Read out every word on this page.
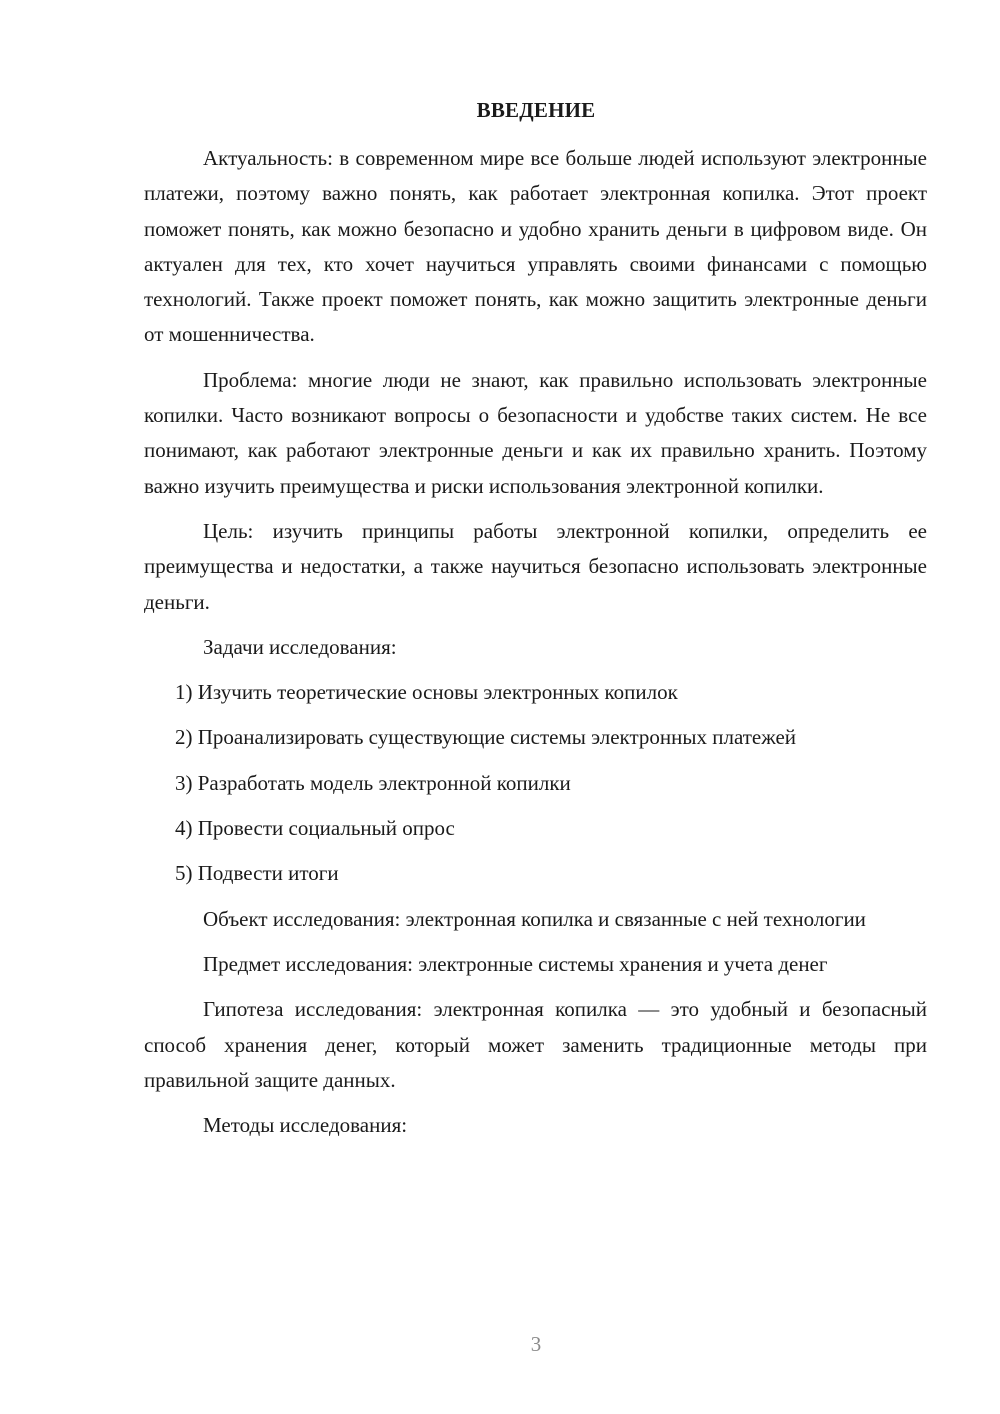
ВВЕДЕНИЕ

Актуальность: в современном мире все больше людей используют электронные платежи, поэтому важно понять, как работает электронная копилка. Этот проект поможет понять, как можно безопасно и удобно хранить деньги в цифровом виде. Он актуален для тех, кто хочет научиться управлять своими финансами с помощью технологий. Также проект поможет понять, как можно защитить электронные деньги от мошенничества.

Проблема: многие люди не знают, как правильно использовать электронные копилки. Часто возникают вопросы о безопасности и удобстве таких систем. Не все понимают, как работают электронные деньги и как их правильно хранить. Поэтому важно изучить преимущества и риски использования электронной копилки.

Цель: изучить принципы работы электронной копилки, определить ее преимущества и недостатки, а также научиться безопасно использовать электронные деньги.

Задачи исследования:

1) Изучить теоретические основы электронных копилок

2) Проанализировать существующие системы электронных платежей

3) Разработать модель электронной копилки

4) Провести социальный опрос

5) Подвести итоги

Объект исследования: электронная копилка и связанные с ней технологии

Предмет исследования: электронные системы хранения и учета денег

Гипотеза исследования: электронная копилка — это удобный и безопасный способ хранения денег, который может заменить традиционные методы при правильной защите данных.

Методы исследования:

3
